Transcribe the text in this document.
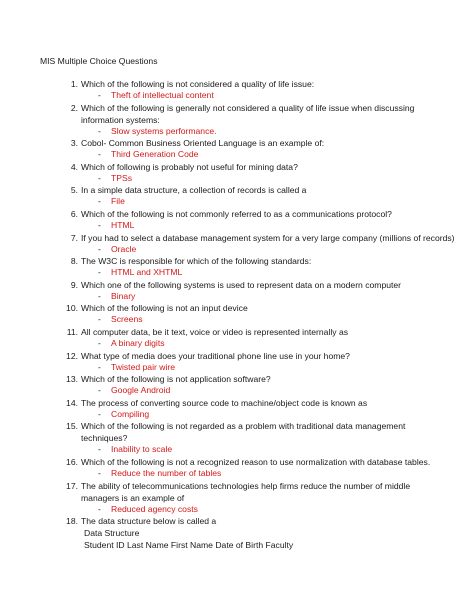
MIS Multiple Choice Questions
1. Which of the following is not considered a quality of life issue:
- Theft of intellectual content
2. Which of the following is generally not considered a quality of life issue when discussing information systems:
- Slow systems performance.
3. Cobol- Common Business Oriented Language is an example of:
- Third Generation Code
4. Which of following is probably not useful for mining data?
- TPSs
5. In a simple data structure, a collection of records is called a
- File
6. Which of the following is not commonly referred to as a communications protocol?
- HTML
7. If you had to select a database management system for a very large company (millions of records)
- Oracle
8. The W3C is responsible for which of the following standards:
- HTML and XHTML
9. Which one of the following systems is used to represent data on a modern computer
- Binary
10. Which of the following is not an input device
- Screens
11. All computer data, be it text, voice or video is represented internally as
- A binary digits
12. What type of media does your traditional phone line use in your home?
- Twisted pair wire
13. Which of the following is not application software?
- Google Android
14. The process of converting source code to machine/object code is known as
- Compiling
15. Which of the following is not regarded as a problem with traditional data management techniques?
- Inability to scale
16. Which of the following is not a recognized reason to use normalization with database tables.
- Reduce the number of tables
17. The ability of telecommunications technologies help firms reduce the number of middle managers is an example of
- Reduced agency costs
18. The data structure below is called a
Data Structure
Student ID Last Name First Name Date of Birth Faculty
